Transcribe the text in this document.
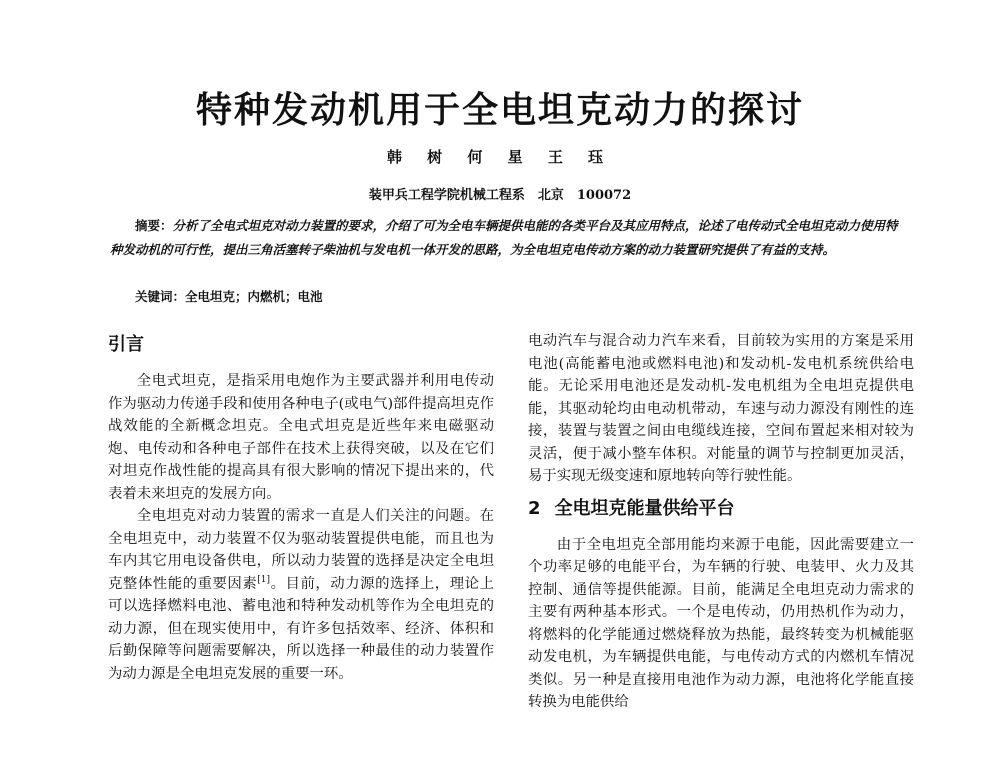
特种发动机用于全电坦克动力的探讨
韩 树 何 星 王 珏
装甲兵工程学院机械工程系　北京　100072
摘要：分析了全电式坦克对动力装置的要求，介绍了可为全电车辆提供电能的各类平台及其应用特点，论述了电传动式全电坦克动力使用特种发动机的可行性，提出三角活塞转子柴油机与发电机一体开发的思路，为全电坦克电传动方案的动力装置研究提供了有益的支持。
关键词：全电坦克；内燃机；电池
引言

全电式坦克，是指采用电炮作为主要武器并利用电传动作为驱动力传递手段和使用各种电子(或电气)部件提高坦克作战效能的全新概念坦克。全电式坦克是近些年来电磁驱动炮、电传动和各种电子部件在技术上获得突破，以及在它们对坦克作战性能的提高具有很大影响的情况下提出来的，代表着未来坦克的发展方向。

全电坦克对动力装置的需求一直是人们关注的问题。在全电坦克中，动力装置不仅为驱动装置提供电能，而且也为车内其它用电设备供电，所以动力装置的选择是决定全电坦克整体性能的重要因素[1]。目前，动力源的选择上，理论上可以选择燃料电池、蓄电池和特种发动机等作为全电坦克的动力源，但在现实使用中，有许多包括效率、经济、体积和后勤保障等问题需要解决，所以选择一种最佳的动力装置作为动力源是全电坦克发展的重要一环。

电动汽车与混合动力汽车来看，目前较为实用的方案是采用电池(高能蓄电池或燃料电池)和发动机-发电机系统供给电能。无论采用电池还是发动机-发电机组为全电坦克提供电能，其驱动轮均由电动机带动，车速与动力源没有刚性的连接，装置与装置之间由电缆线连接，空间布置起来相对较为灵活，便于减小整车体积。对能量的调节与控制更加灵活，易于实现无级变速和原地转向等行驶性能。

2 全电坦克能量供给平台

由于全电坦克全部用能均来源于电能，因此需要建立一个功率足够的电能平台，为车辆的行驶、电装甲、火力及其控制、通信等提供能源。目前，能满足全电坦克动力需求的主要有两种基本形式。一个是电传动，仍用热机作为动力，将燃料的化学能通过燃烧释放为热能，最终转变为机械能驱动发电机，为车辆提供电能，与电传动方式的内燃机车情况类似。另一种是直接用电池作为动力源，电池将化学能直接转换为电能供给
